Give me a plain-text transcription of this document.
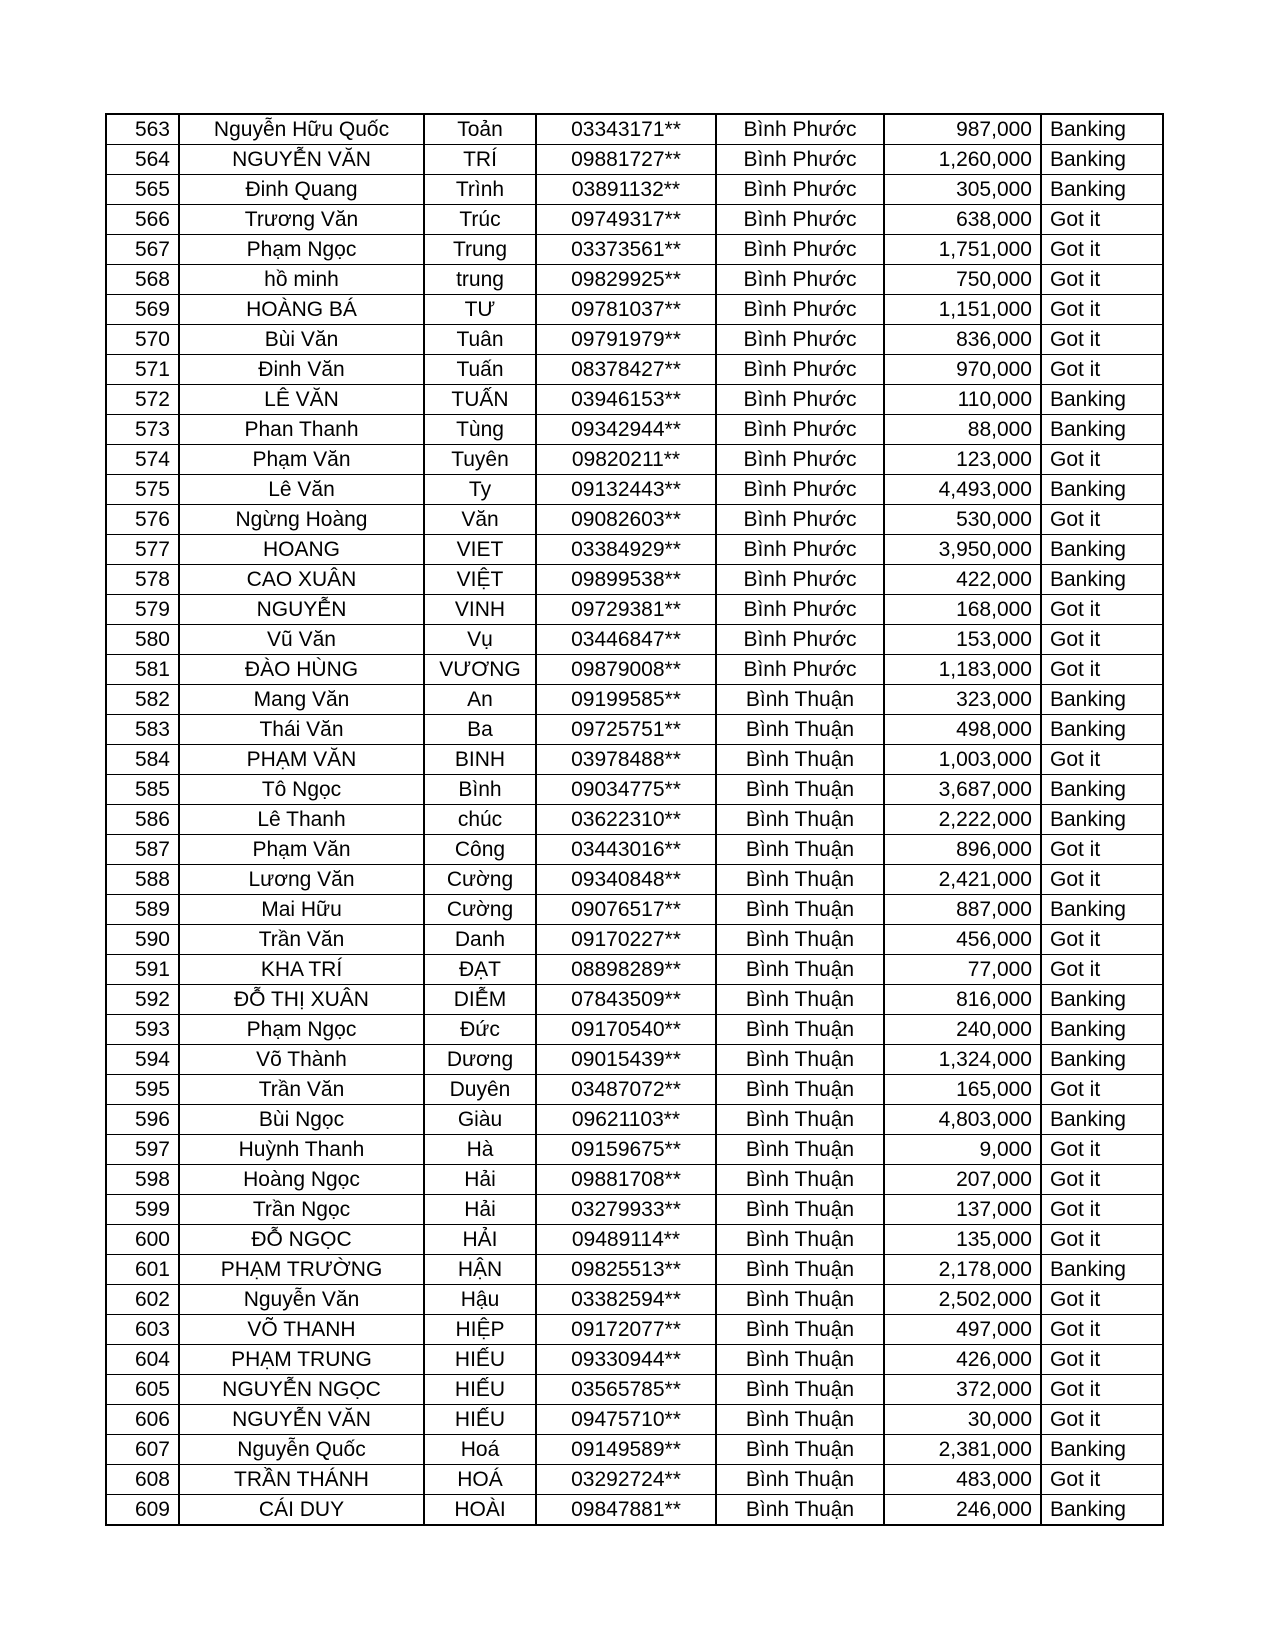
563	Nguyễn Hữu Quốc	Toản	03343171**	Bình Phước	987,000	Banking
564	NGUYỄN VĂN	TRÍ	09881727**	Bình Phước	1,260,000	Banking
565	Đinh Quang	Trình	03891132**	Bình Phước	305,000	Banking
566	Trương Văn	Trúc	09749317**	Bình Phước	638,000	Got it
567	Phạm Ngọc	Trung	03373561**	Bình Phước	1,751,000	Got it
568	hồ minh	trung	09829925**	Bình Phước	750,000	Got it
569	HOÀNG BÁ	TƯ	09781037**	Bình Phước	1,151,000	Got it
570	Bùi Văn	Tuân	09791979**	Bình Phước	836,000	Got it
571	Đinh Văn	Tuấn	08378427**	Bình Phước	970,000	Got it
572	LÊ VĂN	TUẤN	03946153**	Bình Phước	110,000	Banking
573	Phan Thanh	Tùng	09342944**	Bình Phước	88,000	Banking
574	Phạm Văn	Tuyên	09820211**	Bình Phước	123,000	Got it
575	Lê Văn	Ty	09132443**	Bình Phước	4,493,000	Banking
576	Ngừng Hoàng	Văn	09082603**	Bình Phước	530,000	Got it
577	HOANG	VIET	03384929**	Bình Phước	3,950,000	Banking
578	CAO XUÂN	VIỆT	09899538**	Bình Phước	422,000	Banking
579	NGUYỄN	VINH	09729381**	Bình Phước	168,000	Got it
580	Vũ Văn	Vụ	03446847**	Bình Phước	153,000	Got it
581	ĐÀO HÙNG	VƯƠNG	09879008**	Bình Phước	1,183,000	Got it
582	Mang Văn	An	09199585**	Bình Thuận	323,000	Banking
583	Thái Văn	Ba	09725751**	Bình Thuận	498,000	Banking
584	PHẠM VĂN	BINH	03978488**	Bình Thuận	1,003,000	Got it
585	Tô Ngọc	Bình	09034775**	Bình Thuận	3,687,000	Banking
586	Lê Thanh	chúc	03622310**	Bình Thuận	2,222,000	Banking
587	Phạm Văn	Công	03443016**	Bình Thuận	896,000	Got it
588	Lương Văn	Cường	09340848**	Bình Thuận	2,421,000	Got it
589	Mai Hữu	Cường	09076517**	Bình Thuận	887,000	Banking
590	Trần Văn	Danh	09170227**	Bình Thuận	456,000	Got it
591	KHA TRÍ	ĐẠT	08898289**	Bình Thuận	77,000	Got it
592	ĐỖ THỊ XUÂN	DIỄM	07843509**	Bình Thuận	816,000	Banking
593	Phạm Ngọc	Đức	09170540**	Bình Thuận	240,000	Banking
594	Võ Thành	Dương	09015439**	Bình Thuận	1,324,000	Banking
595	Trần Văn	Duyên	03487072**	Bình Thuận	165,000	Got it
596	Bùi Ngọc	Giàu	09621103**	Bình Thuận	4,803,000	Banking
597	Huỳnh Thanh	Hà	09159675**	Bình Thuận	9,000	Got it
598	Hoàng Ngọc	Hải	09881708**	Bình Thuận	207,000	Got it
599	Trần Ngọc	Hải	03279933**	Bình Thuận	137,000	Got it
600	ĐỖ NGỌC	HẢI	09489114**	Bình Thuận	135,000	Got it
601	PHẠM TRƯỜNG	HẬN	09825513**	Bình Thuận	2,178,000	Banking
602	Nguyễn Văn	Hậu	03382594**	Bình Thuận	2,502,000	Got it
603	VÕ THANH	HIỆP	09172077**	Bình Thuận	497,000	Got it
604	PHẠM TRUNG	HIẾU	09330944**	Bình Thuận	426,000	Got it
605	NGUYỄN NGỌC	HIẾU	03565785**	Bình Thuận	372,000	Got it
606	NGUYỄN VĂN	HIẾU	09475710**	Bình Thuận	30,000	Got it
607	Nguyễn Quốc	Hoá	09149589**	Bình Thuận	2,381,000	Banking
608	TRẦN THÁNH	HOÁ	03292724**	Bình Thuận	483,000	Got it
609	CÁI DUY	HOÀI	09847881**	Bình Thuận	246,000	Banking
